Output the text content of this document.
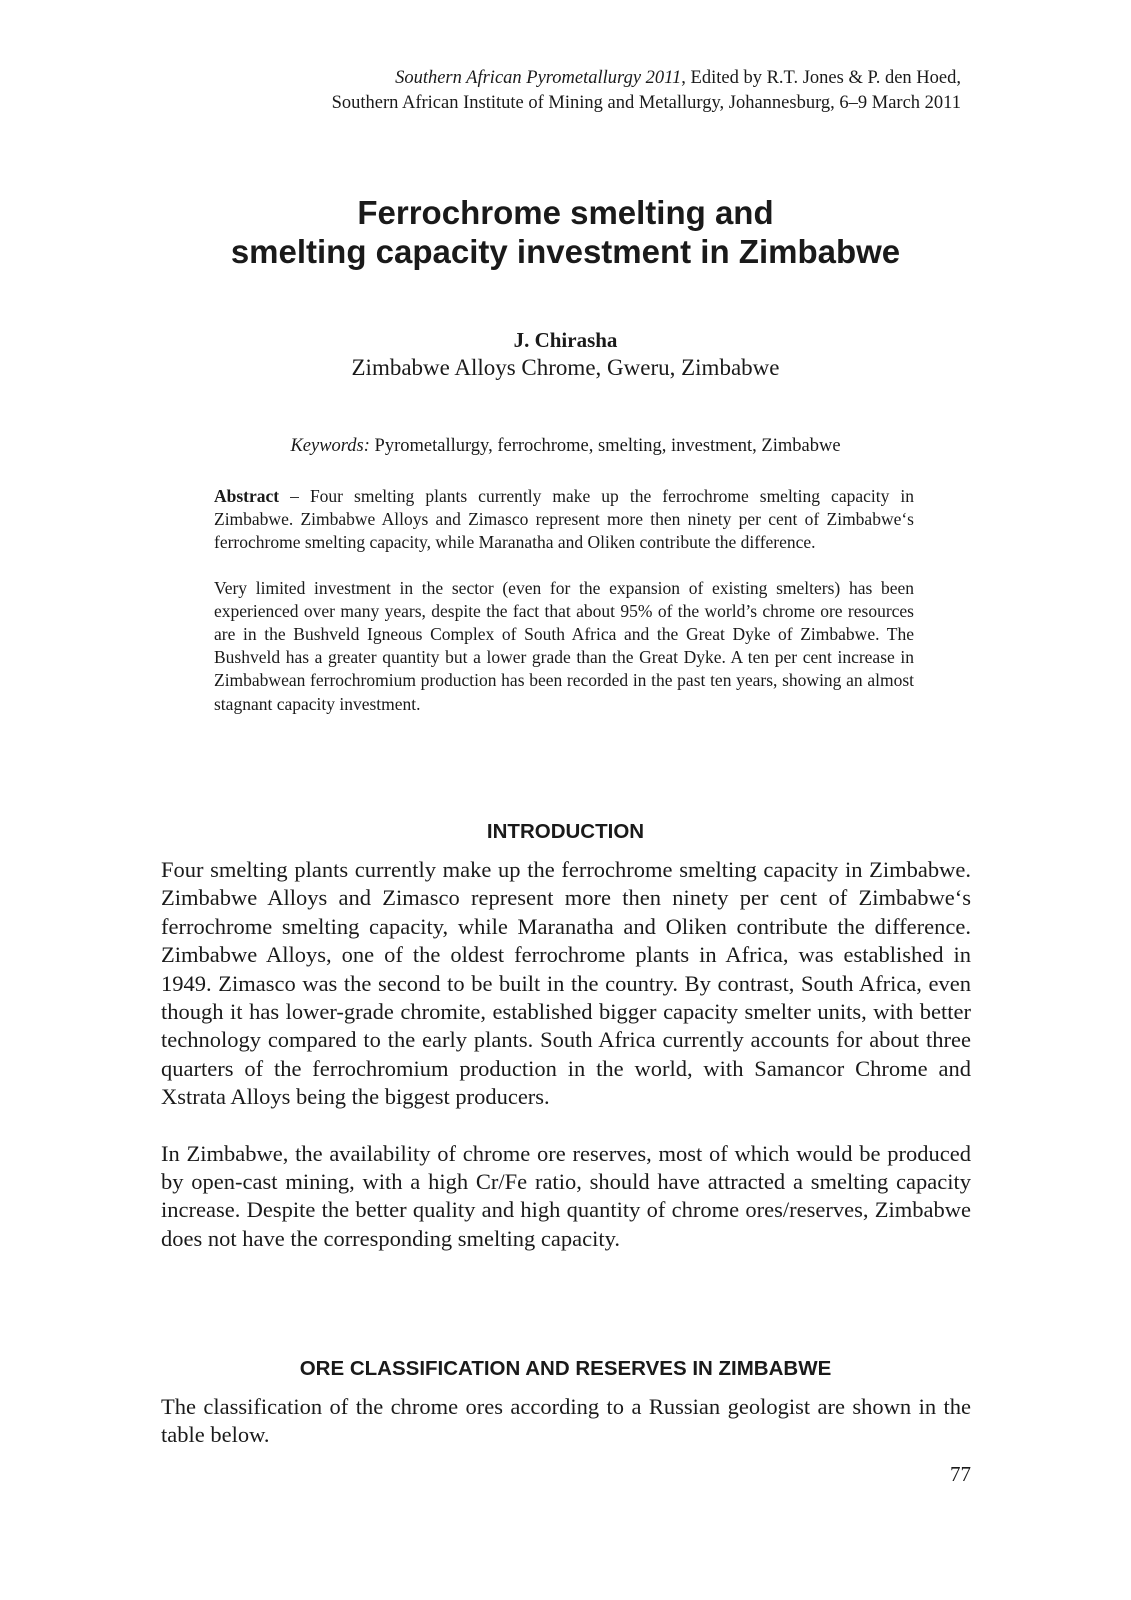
Southern African Pyrometallurgy 2011, Edited by R.T. Jones & P. den Hoed,
Southern African Institute of Mining and Metallurgy, Johannesburg, 6–9 March 2011
Ferrochrome smelting and
smelting capacity investment in Zimbabwe
J. Chirasha
Zimbabwe Alloys Chrome, Gweru, Zimbabwe
Keywords: Pyrometallurgy, ferrochrome, smelting, investment, Zimbabwe

Abstract – Four smelting plants currently make up the ferrochrome smelting capacity in Zimbabwe. Zimbabwe Alloys and Zimasco represent more then ninety per cent of Zimbabwe‘s ferrochrome smelting capacity, while Maranatha and Oliken contribute the difference.

Very limited investment in the sector (even for the expansion of existing smelters) has been experienced over many years, despite the fact that about 95% of the world’s chrome ore resources are in the Bushveld Igneous Complex of South Africa and the Great Dyke of Zimbabwe. The Bushveld has a greater quantity but a lower grade than the Great Dyke. A ten per cent increase in Zimbabwean ferrochromium production has been recorded in the past ten years, showing an almost stagnant capacity investment.

INTRODUCTION

Four smelting plants currently make up the ferrochrome smelting capacity in Zimbabwe. Zimbabwe Alloys and Zimasco represent more then ninety per cent of Zimbabwe‘s ferrochrome smelting capacity, while Maranatha and Oliken contribute the difference. Zimbabwe Alloys, one of the oldest ferrochrome plants in Africa, was established in 1949. Zimasco was the second to be built in the country. By contrast, South Africa, even though it has lower-grade chromite, established bigger capacity smelter units, with better technology compared to the early plants. South Africa currently accounts for about three quarters of the ferrochromium production in the world, with Samancor Chrome and Xstrata Alloys being the biggest producers.

In Zimbabwe, the availability of chrome ore reserves, most of which would be produced by open-cast mining, with a high Cr/Fe ratio, should have attracted a smelting capacity increase. Despite the better quality and high quantity of chrome ores/reserves, Zimbabwe does not have the corresponding smelting capacity.

ORE CLASSIFICATION AND RESERVES IN ZIMBABWE

The classification of the chrome ores according to a Russian geologist are shown in the table below.

77
